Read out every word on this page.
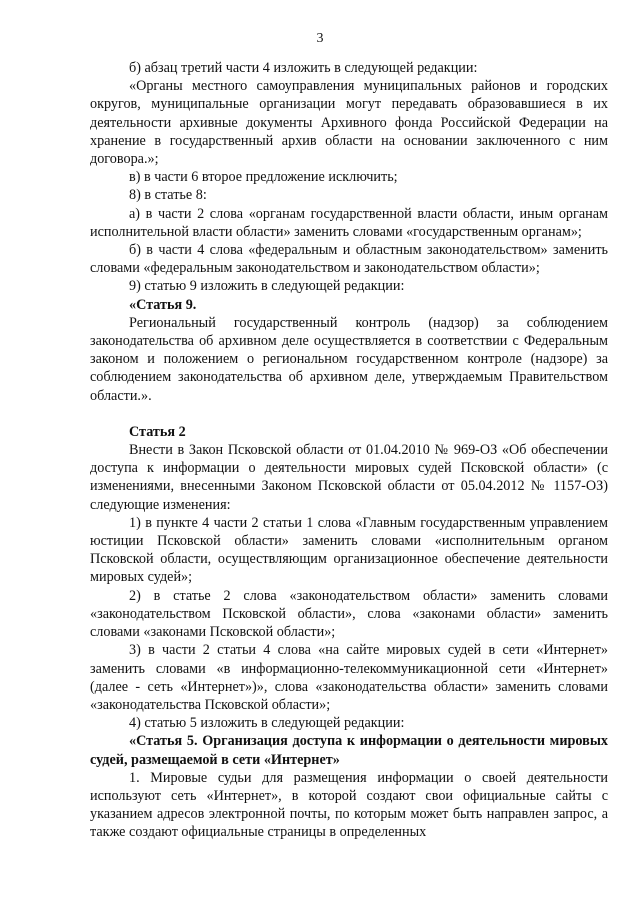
3

б) абзац третий части 4 изложить в следующей редакции:

«Органы местного самоуправления муниципальных районов и городских округов, муниципальные организации могут передавать образовавшиеся в их деятельности архивные документы Архивного фонда Российской Федерации на хранение в государственный архив области на основании заключенного с ним договора.»;

в) в части 6 второе предложение исключить;

8) в статье 8:

а) в части 2 слова «органам государственной власти области, иным органам исполнительной власти области» заменить словами «государственным органам»;

б) в части 4 слова «федеральным и областным законодательством» заменить словами «федеральным законодательством и законодательством области»;

9) статью 9 изложить в следующей редакции:

«Статья 9.

Региональный государственный контроль (надзор) за соблюдением законодательства об архивном деле осуществляется в соответствии с Федеральным законом и положением о региональном государственном контроле (надзоре) за соблюдением законодательства об архивном деле, утверждаемым Правительством области.».

Статья 2

Внести в Закон Псковской области от 01.04.2010 № 969-ОЗ «Об обеспечении доступа к информации о деятельности мировых судей Псковской области» (с изменениями, внесенными Законом Псковской области от 05.04.2012 № 1157-ОЗ) следующие изменения:

1) в пункте 4 части 2 статьи 1 слова «Главным государственным управлением юстиции Псковской области» заменить словами «исполнительным органом Псковской области, осуществляющим организационное обеспечение деятельности мировых судей»;

2) в статье 2 слова «законодательством области» заменить словами «законодательством Псковской области», слова «законами области» заменить словами «законами Псковской области»;

3) в части 2 статьи 4 слова «на сайте мировых судей в сети «Интернет» заменить словами «в информационно-телекоммуникационной сети «Интернет» (далее - сеть «Интернет»)», слова «законодательства области» заменить словами «законодательства Псковской области»;

4) статью 5 изложить в следующей редакции:

«Статья 5. Организация доступа к информации о деятельности мировых судей, размещаемой в сети «Интернет»

1. Мировые судьи для размещения информации о своей деятельности используют сеть «Интернет», в которой создают свои официальные сайты с указанием адресов электронной почты, по которым может быть направлен запрос, а также создают официальные страницы в определенных
